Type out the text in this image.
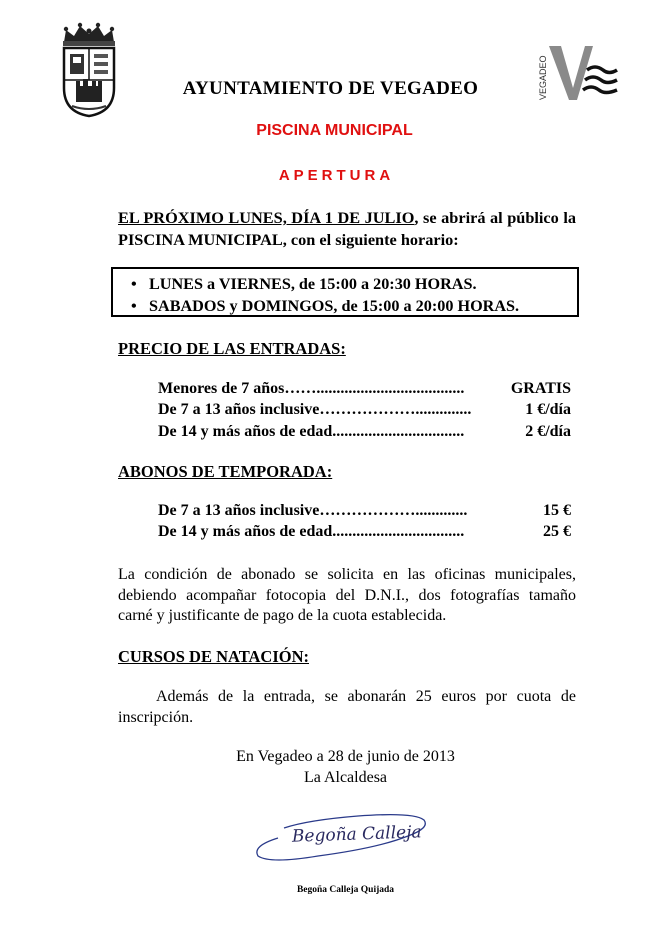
VEGADEO
AYUNTAMIENTO DE VEGADEO
PISCINA MUNICIPAL
APERTURA
EL PRÓXIMO LUNES, DÍA 1 DE JULIO, se abrirá al público la PISCINA MUNICIPAL, con el siguiente horario:
• LUNES a VIERNES, de 15:00 a 20:30 HORAS.
• SABADOS y DOMINGOS, de 15:00 a 20:00 HORAS.
PRECIO DE LAS ENTRADAS:
Menores de 7 años…….....................................	GRATIS
De 7 a 13 años inclusive………………..............	1 €/día
De 14 y más años de edad.................................	2 €/día
ABONOS DE TEMPORADA:
De 7 a 13 años inclusive……………….............	15 €
De 14 y más años de edad.................................	25 €
La condición de abonado se solicita en las oficinas municipales, debiendo acompañar fotocopia del D.N.I., dos fotografías tamaño carné y justificante de pago de la cuota establecida.
CURSOS DE NATACIÓN:
Además de la entrada, se abonarán 25 euros por cuota de inscripción.
En Vegadeo a 28 de junio de 2013
La Alcaldesa
Begoña Calleja
Begoña Calleja Quijada
